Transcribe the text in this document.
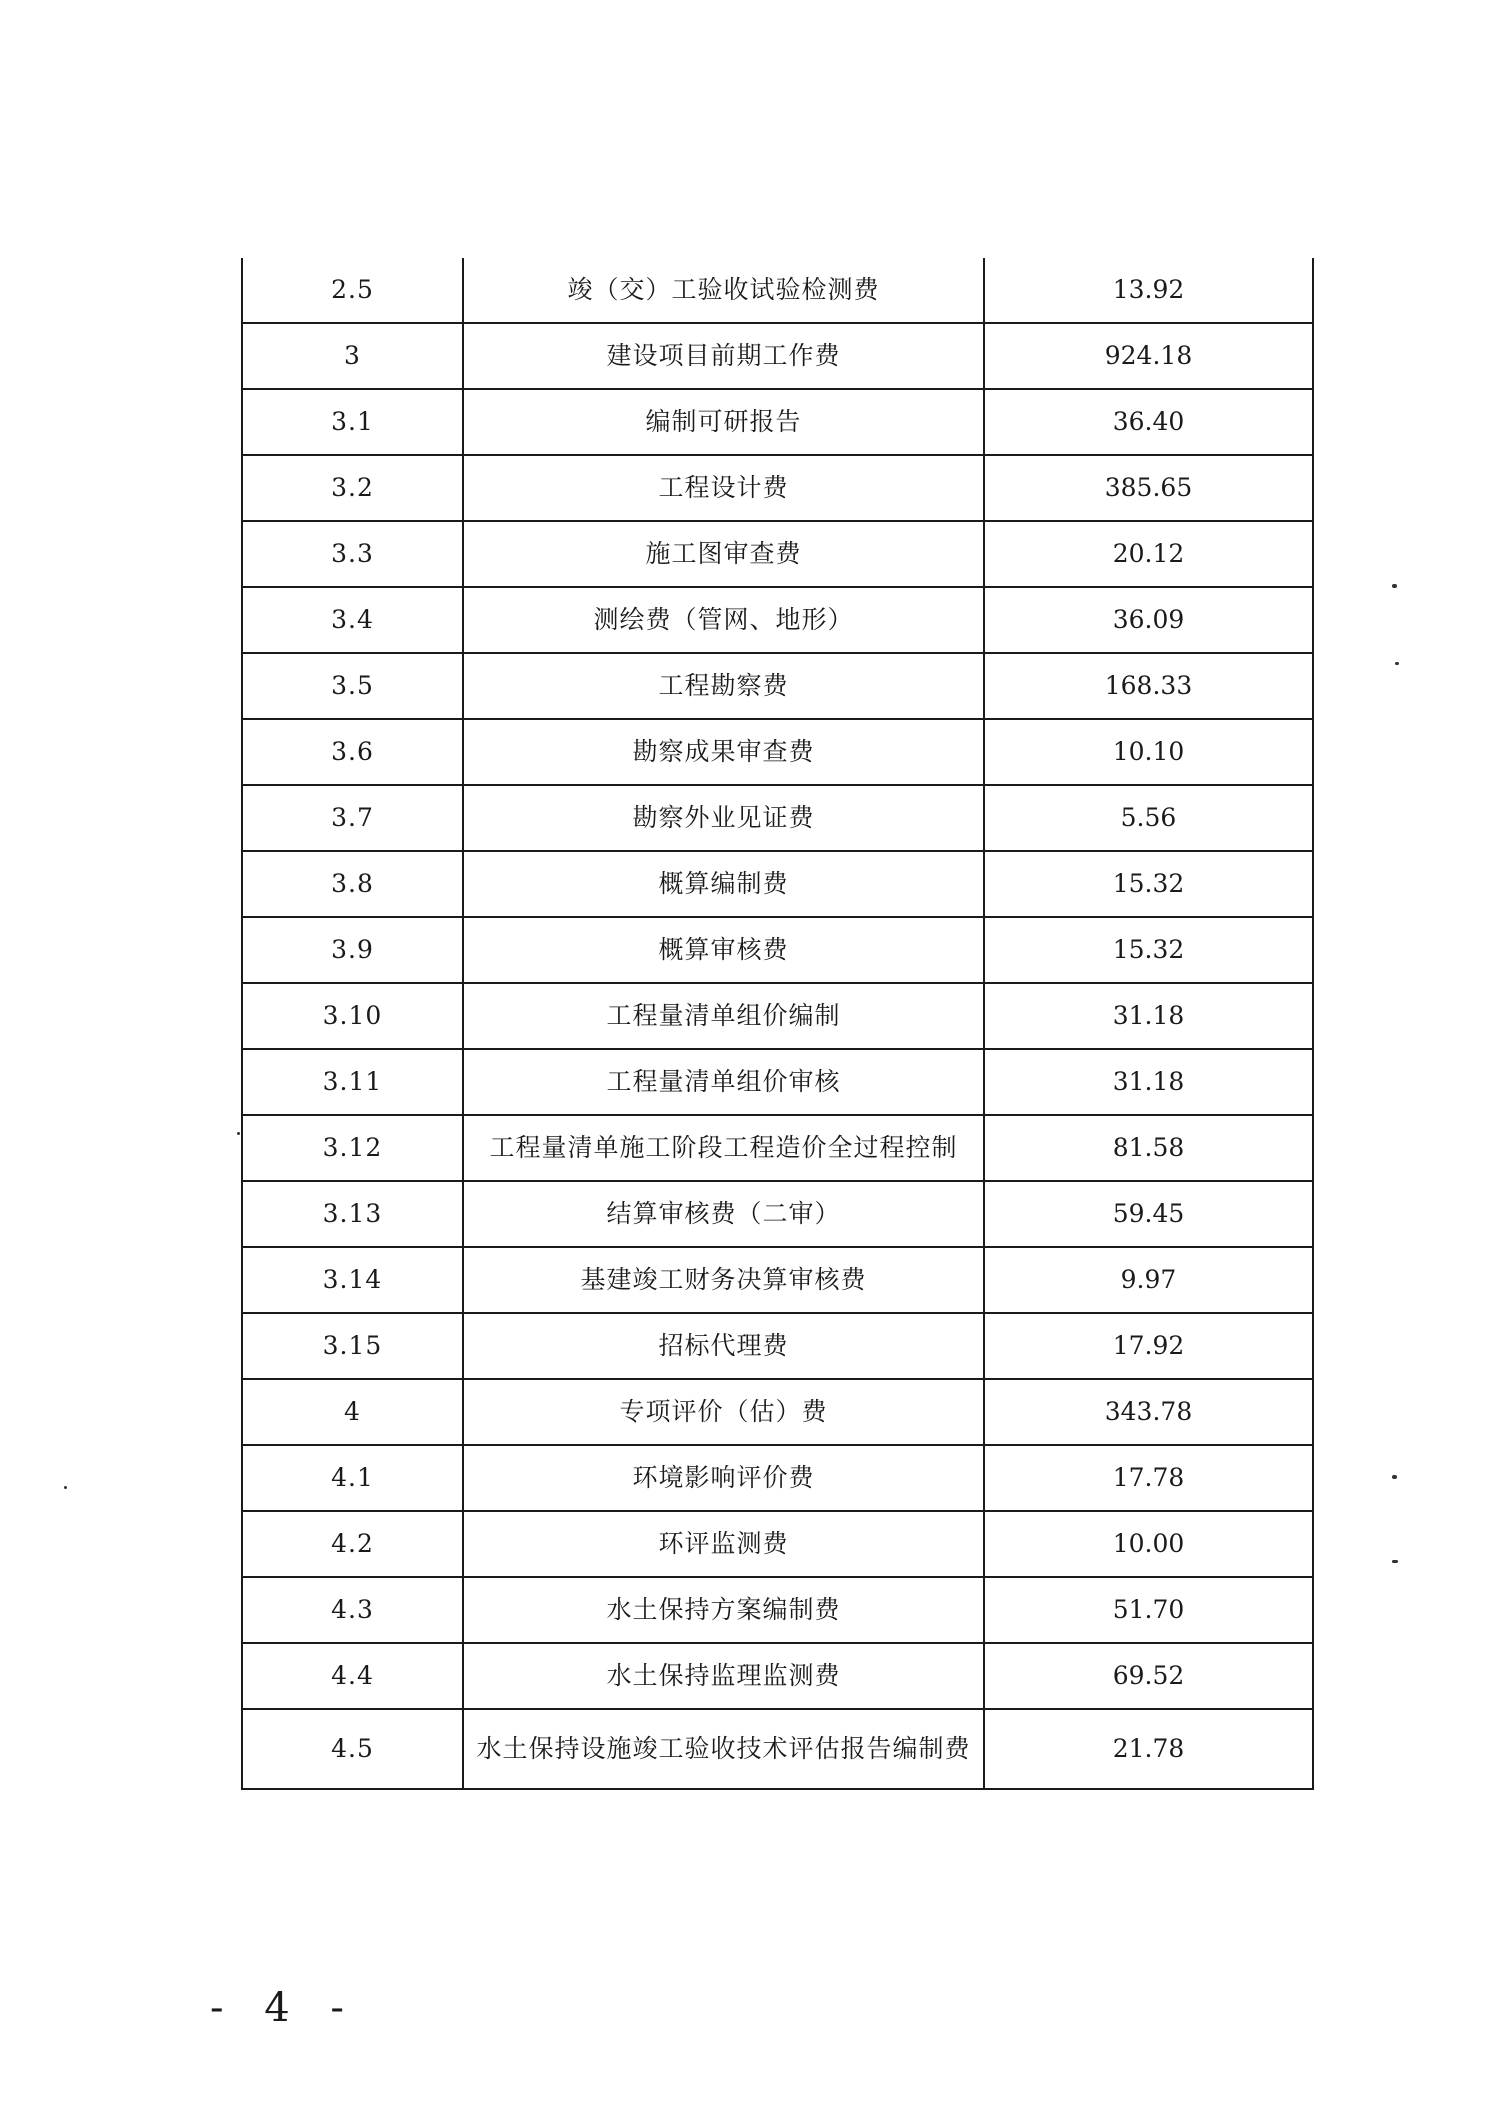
2.5	竣（交）工验收试验检测费	13.92
3	建设项目前期工作费	924.18
3.1	编制可研报告	36.40
3.2	工程设计费	385.65
3.3	施工图审查费	20.12
3.4	测绘费（管网、地形）	36.09
3.5	工程勘察费	168.33
3.6	勘察成果审查费	10.10
3.7	勘察外业见证费	5.56
3.8	概算编制费	15.32
3.9	概算审核费	15.32
3.10	工程量清单组价编制	31.18
3.11	工程量清单组价审核	31.18
3.12	工程量清单施工阶段工程造价全过程控制	81.58
3.13	结算审核费（二审）	59.45
3.14	基建竣工财务决算审核费	9.97
3.15	招标代理费	17.92
4	专项评价（估）费	343.78
4.1	环境影响评价费	17.78
4.2	环评监测费	10.00
4.3	水土保持方案编制费	51.70
4.4	水土保持监理监测费	69.52
4.5	水土保持设施竣工验收技术评估报告编制费	21.78
- 4 -
